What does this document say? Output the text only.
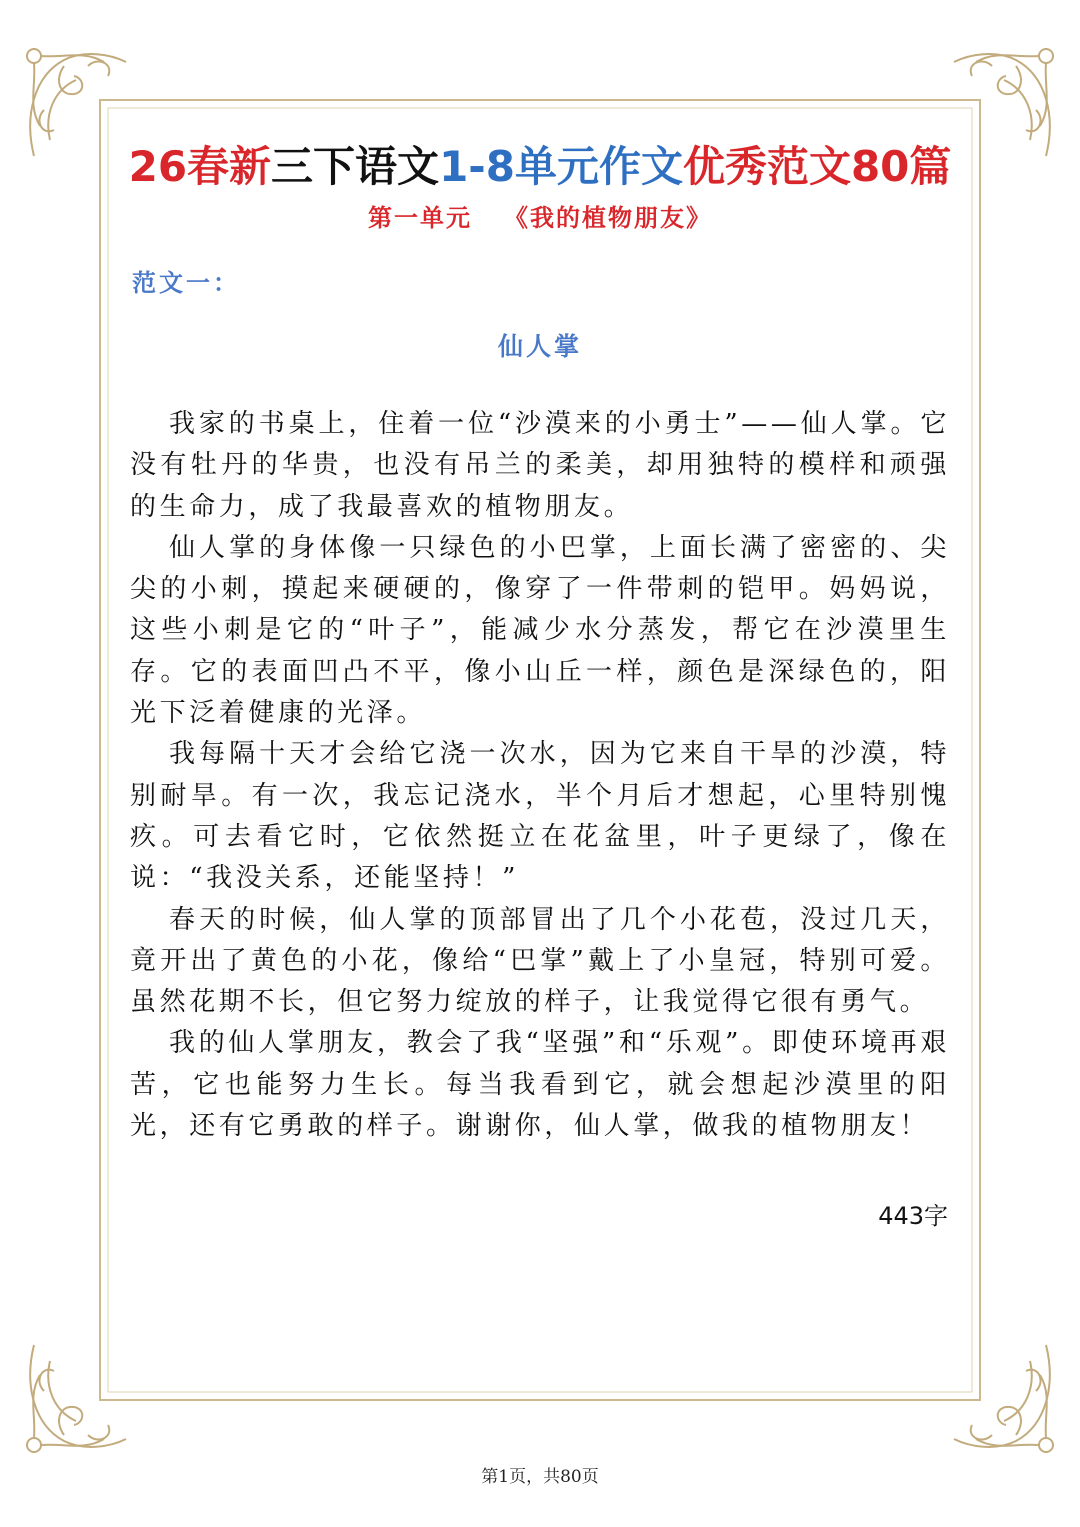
26春新三下语文1-8单元作文优秀范文80篇
第一单元 《我的植物朋友》
范文一：
仙人掌

我家的书桌上，住着一位“沙漠来的小勇士”——仙人掌。它没有牡丹的华贵，也没有吊兰的柔美，却用独特的模样和顽强的生命力，成了我最喜欢的植物朋友。

仙人掌的身体像一只绿色的小巴掌，上面长满了密密的、尖尖的小刺，摸起来硬硬的，像穿了一件带刺的铠甲。妈妈说，这些小刺是它的“叶子”，能减少水分蒸发，帮它在沙漠里生存。它的表面凹凸不平，像小山丘一样，颜色是深绿色的，阳光下泛着健康的光泽。

我每隔十天才会给它浇一次水，因为它来自干旱的沙漠，特别耐旱。有一次，我忘记浇水，半个月后才想起，心里特别愧疚。可去看它时，它依然挺立在花盆里，叶子更绿了，像在说：“我没关系，还能坚持！”

春天的时候，仙人掌的顶部冒出了几个小花苞，没过几天，竟开出了黄色的小花，像给“巴掌”戴上了小皇冠，特别可爱。虽然花期不长，但它努力绽放的样子，让我觉得它很有勇气。

我的仙人掌朋友，教会了我“坚强”和“乐观”。即使环境再艰苦，它也能努力生长。每当我看到它，就会想起沙漠里的阳光，还有它勇敢的样子。谢谢你，仙人掌，做我的植物朋友！

443字
第1页，共80页
